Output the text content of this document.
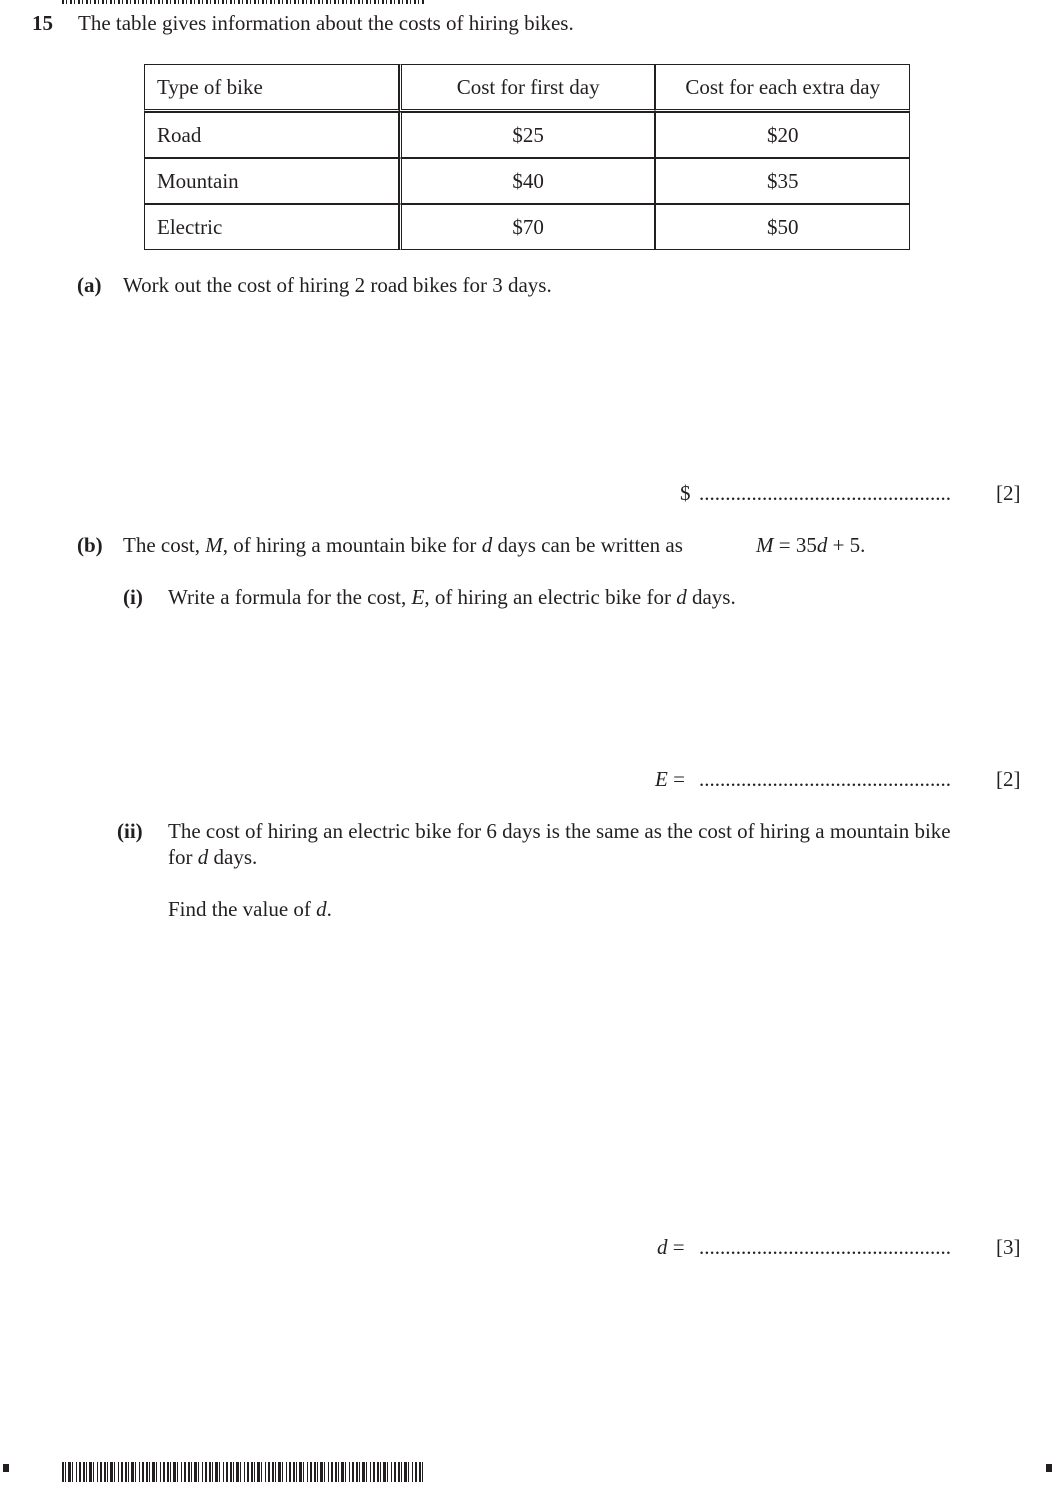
15 The table gives information about the costs of hiring bikes.
Type of bike	Cost for first day	Cost for each extra day
Road	$25	$20
Mountain	$40	$35
Electric	$70	$50
(a) Work out the cost of hiring 2 road bikes for 3 days.
$ ................................................ [2]
(b) The cost, M, of hiring a mountain bike for d days can be written as	M = 35d + 5.
(i) Write a formula for the cost, E, of hiring an electric bike for d days.
E = ................................................ [2]
(ii) The cost of hiring an electric bike for 6 days is the same as the cost of hiring a mountain bike
for d days.
Find the value of d.
d = ................................................ [3]
